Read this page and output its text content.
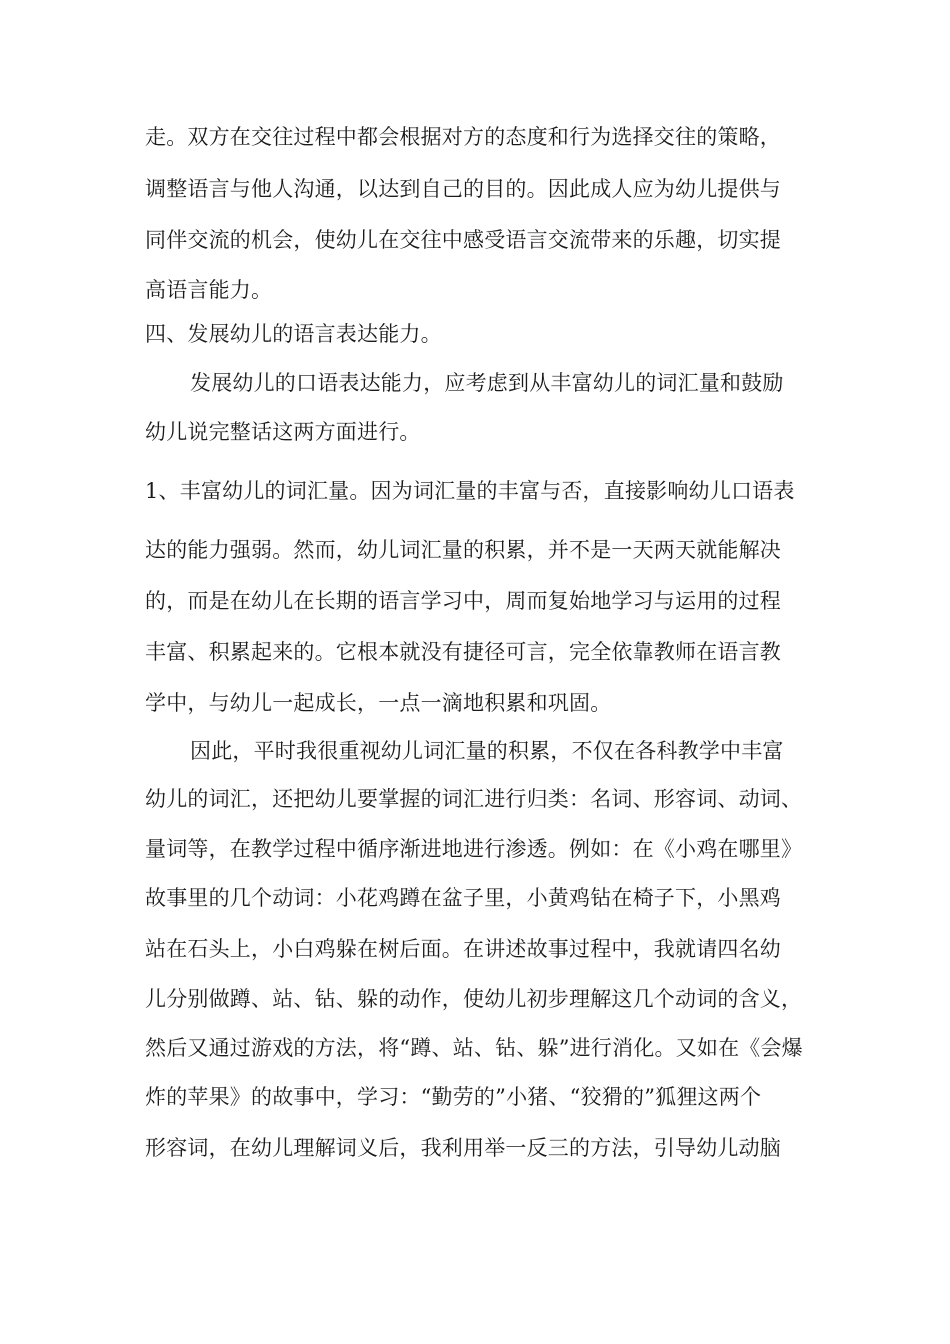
走。双方在交往过程中都会根据对方的态度和行为选择交往的策略，
调整语言与他人沟通，以达到自己的目的。因此成人应为幼儿提供与
同伴交流的机会，使幼儿在交往中感受语言交流带来的乐趣，切实提
高语言能力。
四、发展幼儿的语言表达能力。
发展幼儿的口语表达能力，应考虑到从丰富幼儿的词汇量和鼓励
幼儿说完整话这两方面进行。
1、丰富幼儿的词汇量。因为词汇量的丰富与否，直接影响幼儿口语表
达的能力强弱。然而，幼儿词汇量的积累，并不是一天两天就能解决
的，而是在幼儿在长期的语言学习中，周而复始地学习与运用的过程
丰富、积累起来的。它根本就没有捷径可言，完全依靠教师在语言教
学中，与幼儿一起成长，一点一滴地积累和巩固。
因此，平时我很重视幼儿词汇量的积累，不仅在各科教学中丰富
幼儿的词汇，还把幼儿要掌握的词汇进行归类：名词、形容词、动词、
量词等，在教学过程中循序渐进地进行渗透。例如：在《小鸡在哪里》
故事里的几个动词：小花鸡蹲在盆子里，小黄鸡钻在椅子下，小黑鸡
站在石头上，小白鸡躲在树后面。在讲述故事过程中，我就请四名幼
儿分别做蹲、站、钻、躲的动作，使幼儿初步理解这几个动词的含义，
然后又通过游戏的方法，将“蹲、站、钻、躲”进行消化。又如在《会爆
炸的苹果》的故事中，学习：“勤劳的”小猪、“狡猾的”狐狸这两个
形容词，在幼儿理解词义后，我利用举一反三的方法，引导幼儿动脑
